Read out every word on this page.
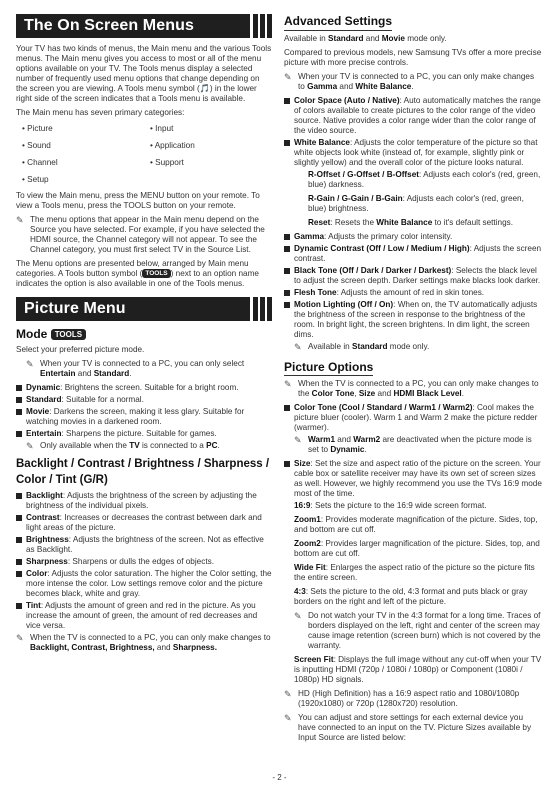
The On Screen Menus

Your TV has two kinds of menus, the Main menu and the various Tools menus. The Main menu gives you access to most or all of the menu options available on your TV. The Tools menus display a selected number of frequently used menu options that change depending on the screen you are viewing. A Tools menu symbol (🎵) in the lower right side of the screen indicates that a Tools menu is available.

The Main menu has seven primary categories:

• Picture	• Input
• Sound	• Application
• Channel	• Support
• Setup

To view the Main menu, press the MENU button on your remote. To view a Tools menu, press the TOOLS button on your remote.

✎ The menu options that appear in the Main menu depend on the Source you have selected. For example, if you have selected the HDMI source, the Channel category will not appear. To see the Channel category, you must first select TV in the Source List.

The Menu options are presented below, arranged by Main menu categories. A Tools button symbol ( TOOLS ) next to an option name indicates the option is also available in one of the Tools menus.

Picture Menu
Mode TOOLS

Select your preferred picture mode.

✎ When your TV is connected to a PC, you can only select Entertain and Standard.
Dynamic: Brightens the screen. Suitable for a bright room.
Standard: Suitable for a normal.
Movie: Darkens the screen, making it less glary. Suitable for watching movies in a darkened room.
Entertain: Sharpens the picture. Suitable for games.
✎ Only available when the TV is connected to a PC.
Backlight / Contrast / Brightness / Sharpness / Color / Tint (G/R)
Backlight: Adjusts the brightness of the screen by adjusting the brightness of the individual pixels.
Contrast: Increases or decreases the contrast between dark and light areas of the picture.
Brightness: Adjusts the brightness of the screen. Not as effective as Backlight.
Sharpness: Sharpens or dulls the edges of objects.
Color: Adjusts the color saturation. The higher the Color setting, the more intense the color. Low settings remove color and the picture becomes black, white and gray.
Tint: Adjusts the amount of green and red in the picture. As you increase the amount of green, the amount of red decreases and vice versa.
✎ When the TV is connected to a PC, you can only make changes to Backlight, Contrast, Brightness, and Sharpness.
Advanced Settings

Available in Standard and Movie mode only.

Compared to previous models, new Samsung TVs offer a more precise picture with more precise controls.

✎ When your TV is connected to a PC, you can only make changes to Gamma and White Balance.
Color Space (Auto / Native): Auto automatically matches the range of colors available to create pictures to the color range of the video source. Native provides a color range wider than the color range of the video source.
White Balance: Adjusts the color temperature of the picture so that white objects look white (instead of, for example, slightly pink or slightly yellow) and the overall color of the picture looks natural.

R-Offset / G-Offset / B-Offset: Adjusts each color's (red, green, blue) darkness.

R-Gain / G-Gain / B-Gain: Adjusts each color's (red, green, blue) brightness.

Reset: Resets the White Balance to it's default settings.

Gamma: Adjusts the primary color intensity.
Dynamic Contrast (Off / Low / Medium / High): Adjusts the screen contrast.
Black Tone (Off / Dark / Darker / Darkest): Selects the black level to adjust the screen depth. Darker settings make blacks look darker.
Flesh Tone: Adjusts the amount of red in skin tones.
Motion Lighting (Off / On): When on, the TV automatically adjusts the brightness of the screen in response to the brightness of the room. In bright light, the screen brightens. In dim light, the screen dims.
✎ Available in Standard mode only.
Picture Options
✎ When the TV is connected to a PC, you can only make changes to the Color Tone, Size and HDMI Black Level.
Color Tone (Cool / Standard / Warm1 / Warm2): Cool makes the picture bluer (cooler). Warm 1 and Warm 2 make the picture redder (warmer).
✎ Warm1 and Warm2 are deactivated when the picture mode is set to Dynamic.
Size: Set the size and aspect ratio of the picture on the screen. Your cable box or satellite receiver may have its own set of screen sizes as well. However, we highly recommend you use the TVs 16:9 mode most of the time.

16:9: Sets the picture to the 16:9 wide screen format.

Zoom1: Provides moderate magnification of the picture. Sides, top, and bottom are cut off.

Zoom2: Provides larger magnification of the picture. Sides, top, and bottom are cut off.

Wide Fit: Enlarges the aspect ratio of the picture so the picture fits the entire screen.

4:3: Sets the picture to the old, 4:3 format and puts black or gray borders on the right and left of the picture.

✎ Do not watch your TV in the 4:3 format for a long time. Traces of borders displayed on the left, right and center of the screen may cause image retention (screen burn) which is not covered by the warranty.

Screen Fit: Displays the full image without any cut-off when your TV is inputting HDMI (720p / 1080i / 1080p) or Component (1080i / 1080p) HD signals.

✎ HD (High Definition) has a 16:9 aspect ratio and 1080i/1080p (1920x1080) or 720p (1280x720) resolution.
✎ You can adjust and store settings for each external device you have connected to an input on the TV. Picture Sizes available by Input Source are listed below:
- 2 -
